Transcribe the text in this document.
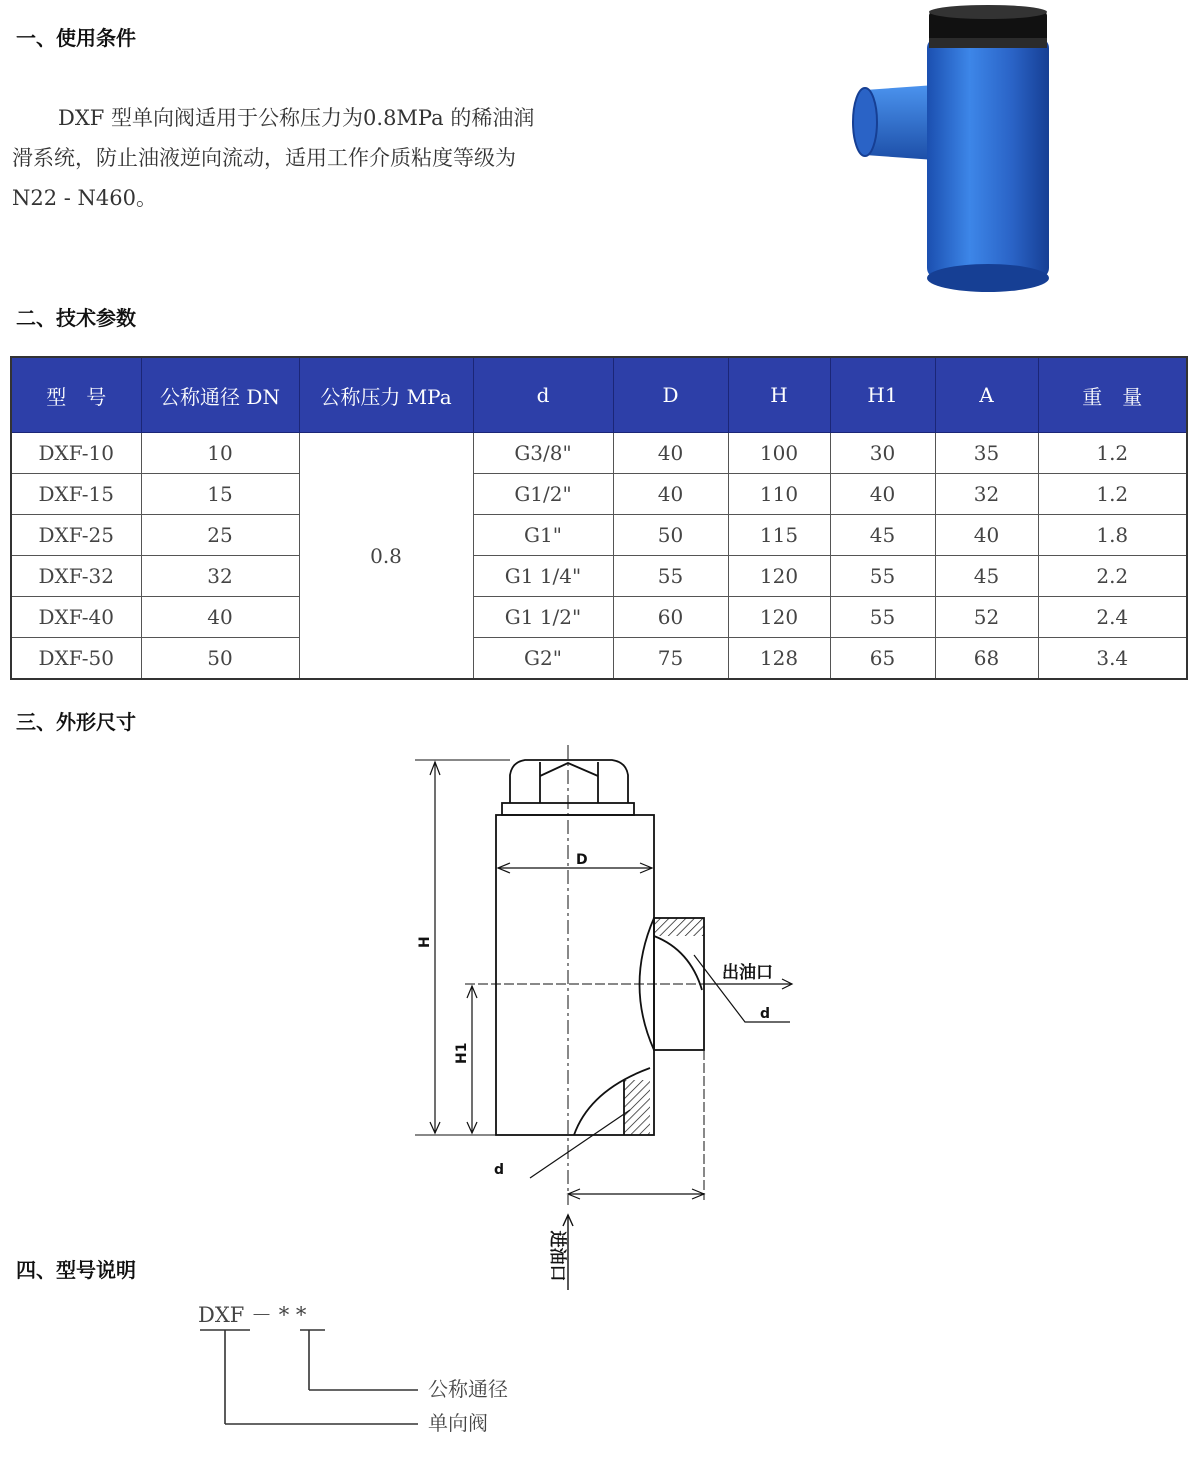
一、使用条件
DXF 型单向阀适用于公称压力为0.8MPa 的稀油润
滑系统，防止油液逆向流动，适用工作介质粘度等级为
N22 - N460。
二、技术参数
型　号	公称通径 DN	公称压力 MPa	d	D	H	H1	A	重　量
DXF-10	10	0.8	G3/8"	40	100	30	35	1.2
DXF-15	15		G1/2"	40	110	40	32	1.2
DXF-25	25		G1"	50	115	45	40	1.8
DXF-32	32		G1 1/4"	55	120	55	45	2.2
DXF-40	40		G1 1/2"	60	120	55	52	2.4
DXF-50	50		G2"	75	128	65	68	3.4
三、外形尺寸
D
H
H1
出油口
d
d
进油口
四、型号说明
DXF － * *
公称通径
单向阀
